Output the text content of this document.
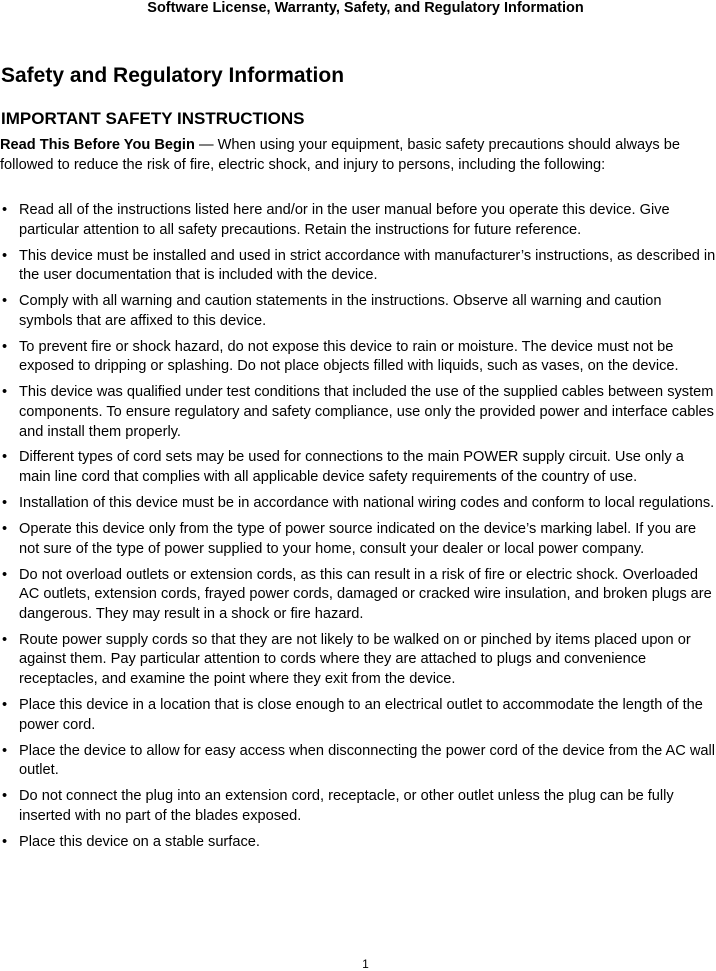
Software License, Warranty, Safety, and Regulatory Information
Safety and Regulatory Information
IMPORTANT SAFETY INSTRUCTIONS

Read This Before You Begin — When using your equipment, basic safety precautions should always be followed to reduce the risk of fire, electric shock, and injury to persons, including the following:

• Read all of the instructions listed here and/or in the user manual before you operate this device. Give particular attention to all safety precautions. Retain the instructions for future reference.
• This device must be installed and used in strict accordance with manufacturer’s instructions, as described in the user documentation that is included with the device.
• Comply with all warning and caution statements in the instructions. Observe all warning and caution symbols that are affixed to this device.
• To prevent fire or shock hazard, do not expose this device to rain or moisture. The device must not be exposed to dripping or splashing. Do not place objects filled with liquids, such as vases, on the device.
• This device was qualified under test conditions that included the use of the supplied cables between system components. To ensure regulatory and safety compliance, use only the provided power and interface cables and install them properly.
• Different types of cord sets may be used for connections to the main POWER supply circuit. Use only a main line cord that complies with all applicable device safety requirements of the country of use.
• Installation of this device must be in accordance with national wiring codes and conform to local regulations.
• Operate this device only from the type of power source indicated on the device’s marking label. If you are not sure of the type of power supplied to your home, consult your dealer or local power company.
• Do not overload outlets or extension cords, as this can result in a risk of fire or electric shock. Overloaded AC outlets, extension cords, frayed power cords, damaged or cracked wire insulation, and broken plugs are dangerous. They may result in a shock or fire hazard.
• Route power supply cords so that they are not likely to be walked on or pinched by items placed upon or against them. Pay particular attention to cords where they are attached to plugs and convenience receptacles, and examine the point where they exit from the device.
• Place this device in a location that is close enough to an electrical outlet to accommodate the length of the power cord.
• Place the device to allow for easy access when disconnecting the power cord of the device from the AC wall outlet.
• Do not connect the plug into an extension cord, receptacle, or other outlet unless the plug can be fully inserted with no part of the blades exposed.
• Place this device on a stable surface.
1
